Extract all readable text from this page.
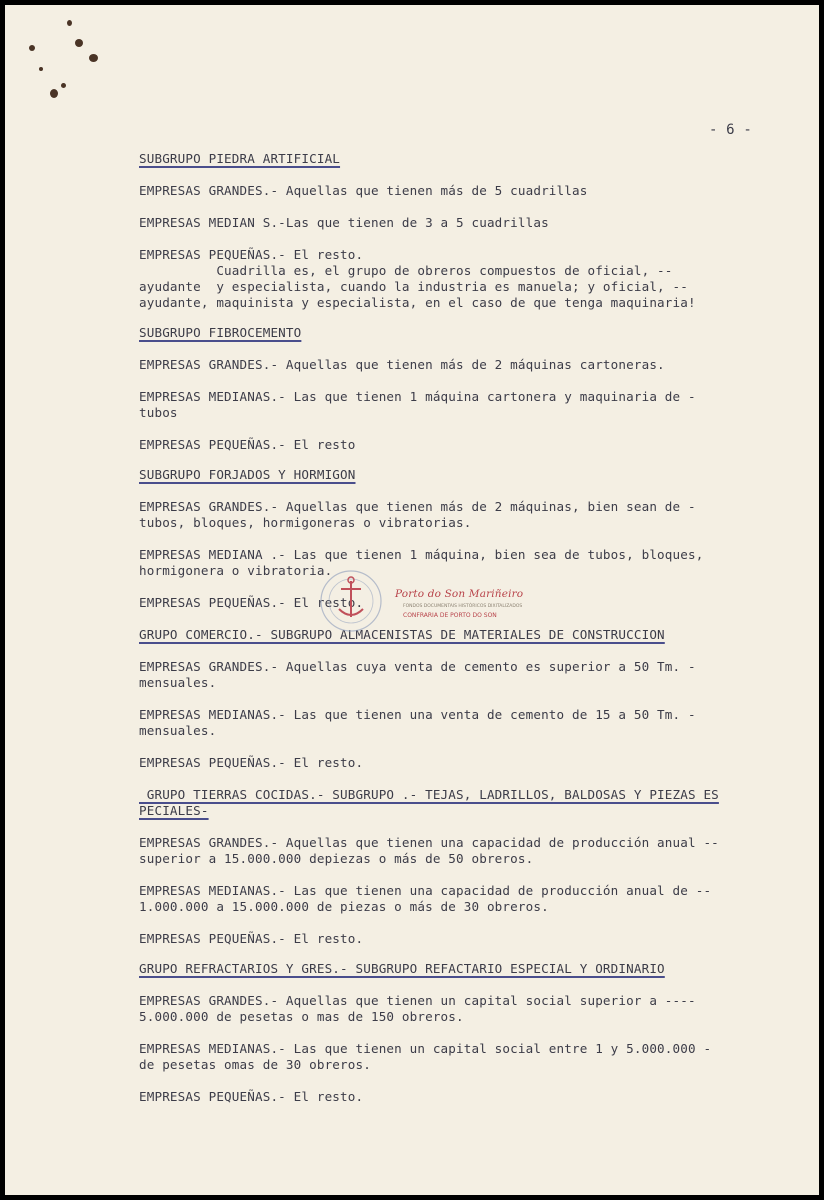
- 6 -
SUBGRUPO PIEDRA ARTIFICIAL
EMPRESAS GRANDES.- Aquellas que tienen más de 5 cuadrillas
EMPRESAS MEDIAN S.-Las que tienen de 3 a 5 cuadrillas
EMPRESAS PEQUEÑAS.- El resto.
Cuadrilla es, el grupo de obreros compuestos de oficial, --
ayudante  y especialista, cuando la industria es manuela; y oficial, --
ayudante, maquinista y especialista, en el caso de que tenga maquinaria!
SUBGRUPO FIBROCEMENTO
EMPRESAS GRANDES.- Aquellas que tienen más de 2 máquinas cartoneras.
EMPRESAS MEDIANAS.- Las que tienen 1 máquina cartonera y maquinaria de -
tubos
EMPRESAS PEQUEÑAS.- El resto
SUBGRUPO FORJADOS Y HORMIGON
EMPRESAS GRANDES.- Aquellas que tienen más de 2 máquinas, bien sean de -
tubos, bloques, hormigoneras o vibratorias.
EMPRESAS MEDIANA .- Las que tienen 1 máquina, bien sea de tubos, bloques,
hormigonera o vibratoria.
EMPRESAS PEQUEÑAS.- El resto.
GRUPO COMERCIO.- SUBGRUPO ALMACENISTAS DE MATERIALES DE CONSTRUCCION
EMPRESAS GRANDES.- Aquellas cuya venta de cemento es superior a 50 Tm. -
mensuales.
EMPRESAS MEDIANAS.- Las que tienen una venta de cemento de 15 a 50 Tm. -
mensuales.
EMPRESAS PEQUEÑAS.- El resto.
GRUPO TIERRAS COCIDAS.- SUBGRUPO .- TEJAS, LADRILLOS, BALDOSAS Y PIEZAS ES
PECIALES-
EMPRESAS GRANDES.- Aquellas que tienen una capacidad de producción anual --
superior a 15.000.000 depiezas o más de 50 obreros.
EMPRESAS MEDIANAS.- Las que tienen una capacidad de producción anual de --
1.000.000 a 15.000.000 de piezas o más de 30 obreros.
EMPRESAS PEQUEÑAS.- El resto.
GRUPO REFRACTARIOS Y GRES.- SUBGRUPO REFACTARIO ESPECIAL Y ORDINARIO
EMPRESAS GRANDES.- Aquellas que tienen un capital social superior a ----
5.000.000 de pesetas o mas de 150 obreros.
EMPRESAS MEDIANAS.- Las que tienen un capital social entre 1 y 5.000.000 -
de pesetas omas de 30 obreros.
EMPRESAS PEQUEÑAS.- El resto.
Porto do Son Mariñeiro
FONDOS DOCUMENTAIS HISTÓRICOS DIXITALIZADOS
CONFRARIA DE PORTO DO SON
